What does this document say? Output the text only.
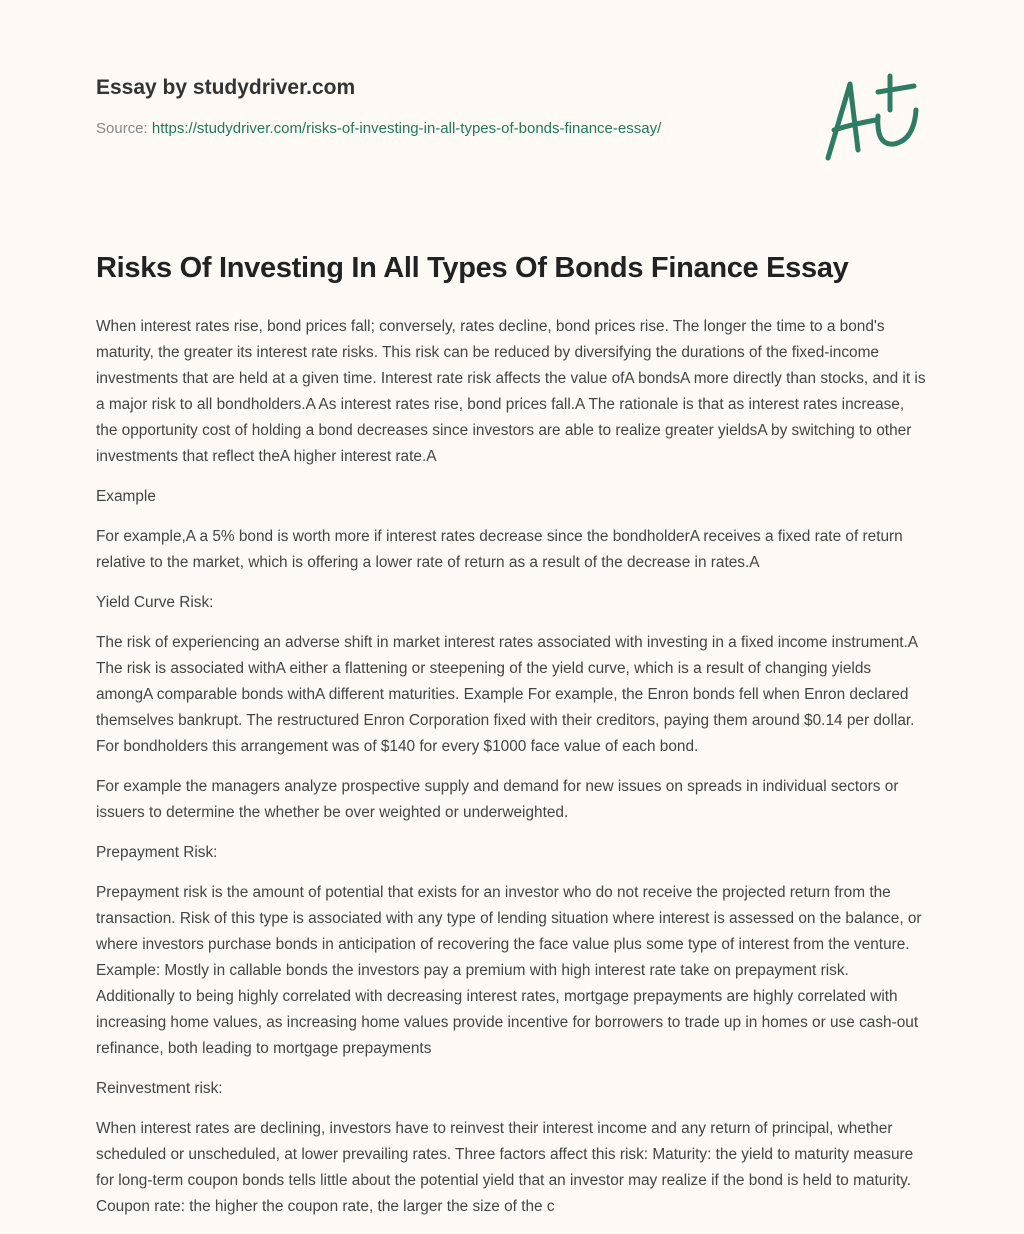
Essay by studydriver.com
Source: https://studydriver.com/risks-of-investing-in-all-types-of-bonds-finance-essay/
Risks Of Investing In All Types Of Bonds Finance Essay

When interest rates rise, bond prices fall; conversely, rates decline, bond prices rise. The longer the time to a bond's maturity, the greater its interest rate risks. This risk can be reduced by diversifying the durations of the fixed-income investments that are held at a given time. Interest rate risk affects the value ofA bondsA more directly than stocks, and it is a major risk to all bondholders.A As interest rates rise, bond prices fall.A The rationale is that as interest rates increase, the opportunity cost of holding a bond decreases since investors are able to realize greater yieldsA by switching to other investments that reflect theA higher interest rate.A

Example

For example,A a 5% bond is worth more if interest rates decrease since the bondholderA receives a fixed rate of return relative to the market, which is offering a lower rate of return as a result of the decrease in rates.A

Yield Curve Risk:

The risk of experiencing an adverse shift in market interest rates associated with investing in a fixed income instrument.A The risk is associated withA either a flattening or steepening of the yield curve, which is a result of changing yields amongA comparable bonds withA different maturities. Example For example, the Enron bonds fell when Enron declared themselves bankrupt. The restructured Enron Corporation fixed with their creditors, paying them around $0.14 per dollar. For bondholders this arrangement was of $140 for every $1000 face value of each bond.

For example the managers analyze prospective supply and demand for new issues on spreads in individual sectors or issuers to determine the whether be over weighted or underweighted.

Prepayment Risk:

Prepayment risk is the amount of potential that exists for an investor who do not receive the projected return from the transaction. Risk of this type is associated with any type of lending situation where interest is assessed on the balance, or where investors purchase bonds in anticipation of recovering the face value plus some type of interest from the venture. Example: Mostly in callable bonds the investors pay a premium with high interest rate take on prepayment risk. Additionally to being highly correlated with decreasing interest rates, mortgage prepayments are highly correlated with increasing home values, as increasing home values provide incentive for borrowers to trade up in homes or use cash-out refinance, both leading to mortgage prepayments

Reinvestment risk:

When interest rates are declining, investors have to reinvest their interest income and any return of principal, whether scheduled or unscheduled, at lower prevailing rates. Three factors affect this risk: Maturity: the yield to maturity measure for long-term coupon bonds tells little about the potential yield that an investor may realize if the bond is held to maturity. Coupon rate: the higher the coupon rate, the larger the size of the c
